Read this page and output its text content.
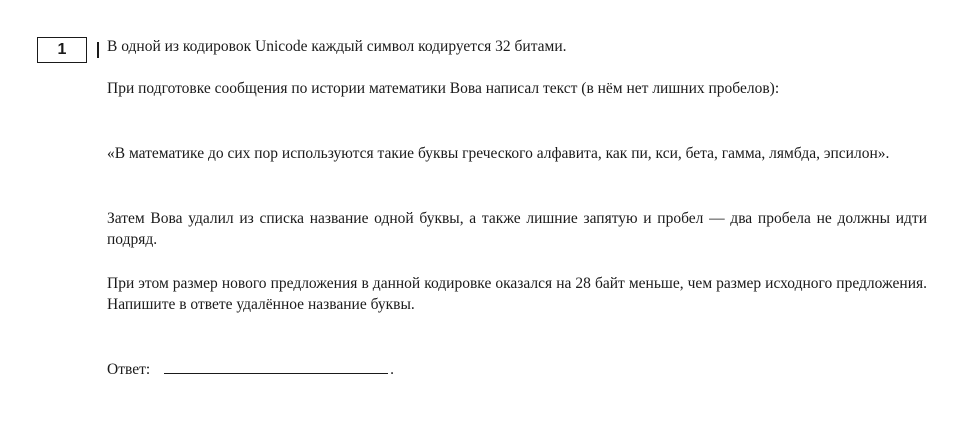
1	В одной из кодировок Unicode каждый символ кодируется 32 битами.

При подготовке сообщения по истории математики Вова написал текст (в нём нет лишних пробелов):

«В математике до сих пор используются такие буквы греческого алфавита, как пи, кси, бета, гамма, лямбда, эпсилон».

Затем Вова удалил из списка название одной буквы, а также лишние запятую и пробел — два пробела не должны идти подряд.

При этом размер нового предложения в данной кодировке оказался на 28 байт меньше, чем размер исходного предложения. Напишите в ответе удалённое название буквы.

Ответ:	.
